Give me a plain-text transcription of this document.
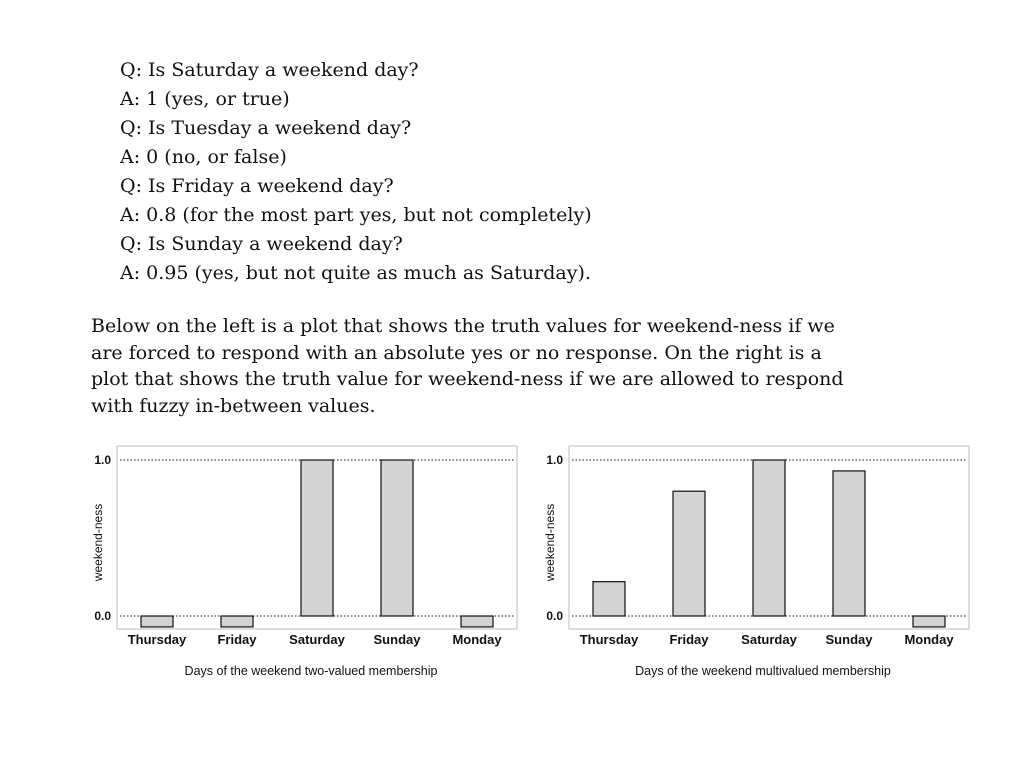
Q: Is Saturday a weekend day?
A: 1 (yes, or true)
Q: Is Tuesday a weekend day?
A: 0 (no, or false)
Q: Is Friday a weekend day?
A: 0.8 (for the most part yes, but not completely)
Q: Is Sunday a weekend day?
A: 0.95 (yes, but not quite as much as Saturday).
Below on the left is a plot that shows the truth values for weekend-ness if we
are forced to respond with an absolute yes or no response. On the right is a
plot that shows the truth value for weekend-ness if we are allowed to respond
with fuzzy in-between values.
0.0
1.0
Thursday Friday	Saturday Sunday Monday
weekend-ness
Days of the weekend two-valued membership
0.0
1.0
Thursday Friday	Saturday Sunday Monday
weekend-ness
Days of the weekend multivalued membership
